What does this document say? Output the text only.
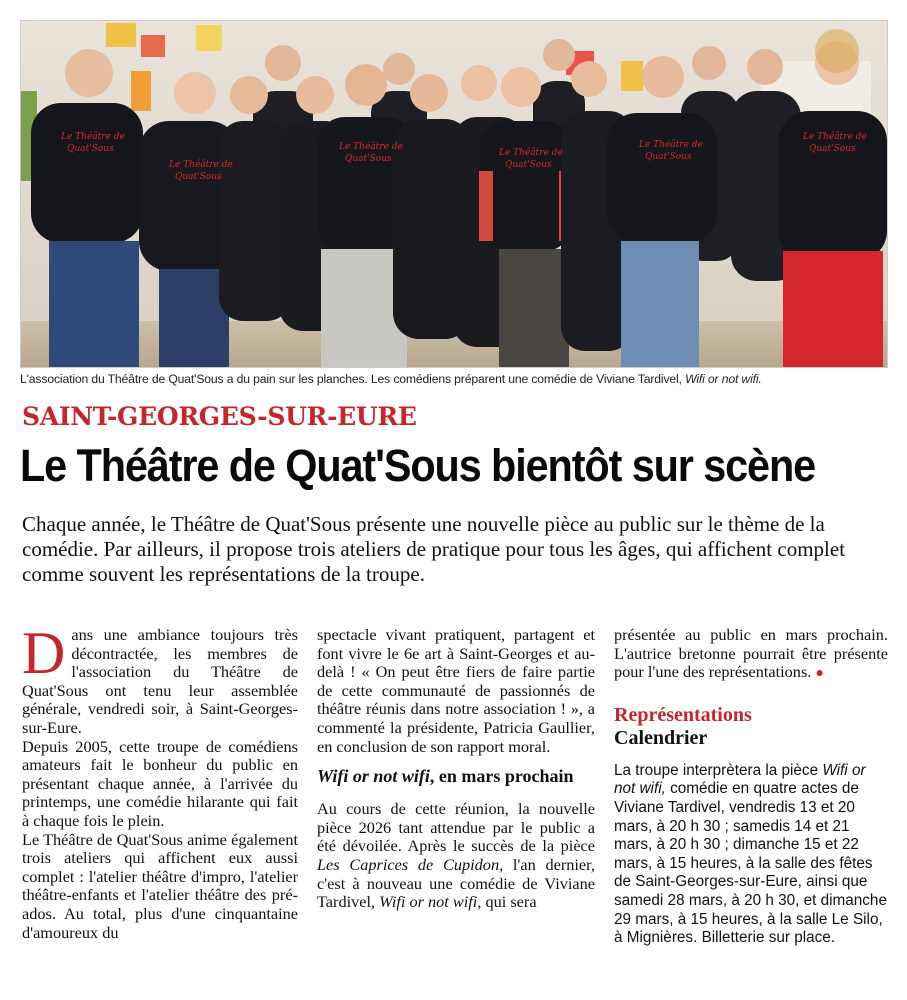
Le Théâtre de
Quat'Sous
Le Théâtre de
Quat'Sous
Le Théâtre de
Quat'Sous
Le Théâtre de
Quat'Sous
Le Théâtre de
Quat'Sous
Le Théâtre de
Quat'Sous
L'association du Théâtre de Quat'Sous a du pain sur les planches. Les comédiens préparent une comédie de Viviane Tardivel, Wifi or not wifi.
SAINT-GEORGES-SUR-EURE
Le Théâtre de Quat'Sous bientôt sur scène
Chaque année, le Théâtre de Quat'Sous présente une nouvelle pièce au public sur le thème de la comédie. Par ailleurs, il propose trois ateliers de pratique pour tous les âges, qui affichent complet comme souvent les représentations de la troupe.

Dans une ambiance toujours très décontractée, les membres de l'association du Théâtre de Quat'Sous ont tenu leur assemblée générale, vendredi soir, à Saint-Georges-sur-Eure.

Depuis 2005, cette troupe de comédiens amateurs fait le bonheur du public en présentant chaque année, à l'arrivée du printemps, une comédie hilarante qui fait à chaque fois le plein.

Le Théâtre de Quat'Sous anime également trois ateliers qui affichent eux aussi complet : l'atelier théâtre d'impro, l'atelier théâtre-enfants et l'atelier théâtre des pré-ados. Au total, plus d'une cinquantaine d'amoureux du

spectacle vivant pratiquent, partagent et font vivre le 6e art à Saint-Georges et au-delà ! « On peut être fiers de faire partie de cette communauté de passionnés de théâtre réunis dans notre association ! », a commenté la présidente, Patricia Gaullier, en conclusion de son rapport moral.

Wifi or not wifi, en mars prochain

Au cours de cette réunion, la nouvelle pièce 2026 tant attendue par le public a été dévoilée. Après le succès de la pièce Les Caprices de Cupidon, l'an dernier, c'est à nouveau une comédie de Viviane Tardivel, Wifi or not wifi, qui sera

présentée au public en mars prochain. L'autrice bretonne pourrait être présente pour l'une des représentations. ●

Représentations
Calendrier
La troupe interprètera la pièce Wifi or not wifi, comédie en quatre actes de Viviane Tardivel, vendredis 13 et 20 mars, à 20 h 30 ; samedis 14 et 21 mars, à 20 h 30 ; dimanche 15 et 22 mars, à 15 heures, à la salle des fêtes de Saint-Georges-sur-Eure, ainsi que samedi 28 mars, à 20 h 30, et dimanche 29 mars, à 15 heures, à la salle Le Silo, à Mignières. Billetterie sur place.
